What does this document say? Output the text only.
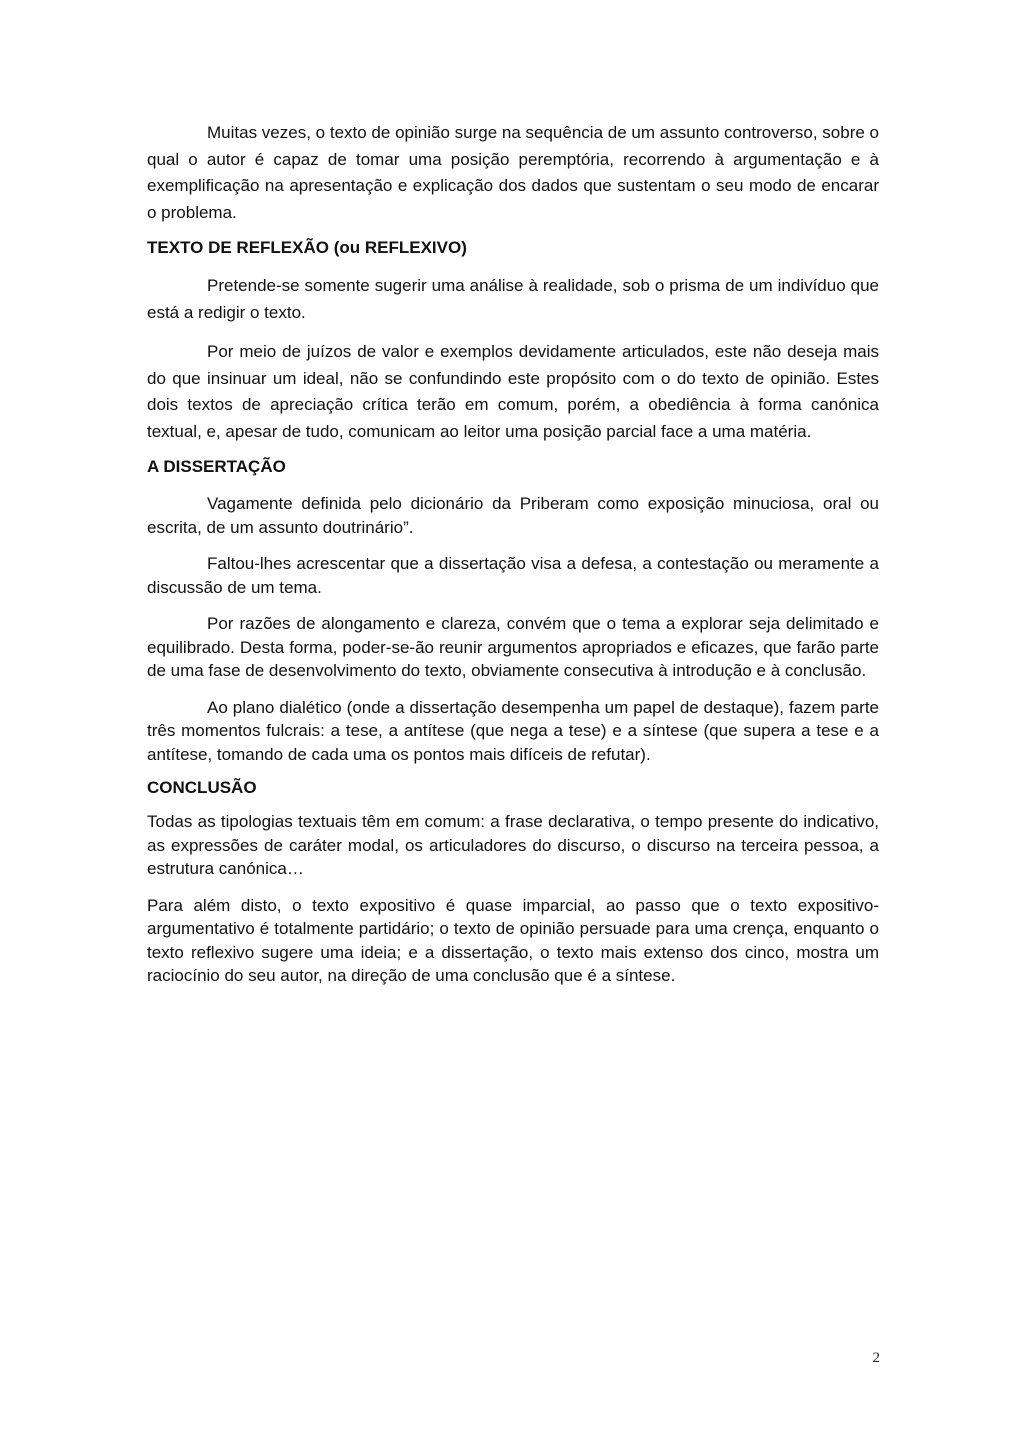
Muitas vezes, o texto de opinião surge na sequência de um assunto controverso, sobre o qual o autor é capaz de tomar uma posição peremptória, recorrendo à argumentação e à exemplificação na apresentação e explicação dos dados que sustentam o seu modo de encarar o problema.

TEXTO DE REFLEXÃO (ou REFLEXIVO)

Pretende-se somente sugerir uma análise à realidade, sob o prisma de um indivíduo que está a redigir o texto.

Por meio de juízos de valor e exemplos devidamente articulados, este não deseja mais do que insinuar um ideal, não se confundindo este propósito com o do texto de opinião. Estes dois textos de apreciação crítica terão em comum, porém, a obediência à forma canónica textual, e, apesar de tudo, comunicam ao leitor uma posição parcial face a uma matéria.

A DISSERTAÇÃO

Vagamente definida pelo dicionário da Priberam como exposição minuciosa, oral ou escrita, de um assunto doutrinário”.

Faltou-lhes acrescentar que a dissertação visa a defesa, a contestação ou meramente a discussão de um tema.

Por razões de alongamento e clareza, convém que o tema a explorar seja delimitado e equilibrado. Desta forma, poder-se-ão reunir argumentos apropriados e eficazes, que farão parte de uma fase de desenvolvimento do texto, obviamente consecutiva à introdução e à conclusão.

Ao plano dialético (onde a dissertação desempenha um papel de destaque), fazem parte três momentos fulcrais: a tese, a antítese (que nega a tese) e a síntese (que supera a tese e a antítese, tomando de cada uma os pontos mais difíceis de refutar).

CONCLUSÃO

Todas as tipologias textuais têm em comum: a frase declarativa, o tempo presente do indicativo, as expressões de caráter modal, os articuladores do discurso, o discurso na terceira pessoa, a estrutura canónica…

Para além disto, o texto expositivo é quase imparcial, ao passo que o texto expositivo-argumentativo é totalmente partidário; o texto de opinião persuade para uma crença, enquanto o texto reflexivo sugere uma ideia; e a dissertação, o texto mais extenso dos cinco, mostra um raciocínio do seu autor, na direção de uma conclusão que é a síntese.

2
